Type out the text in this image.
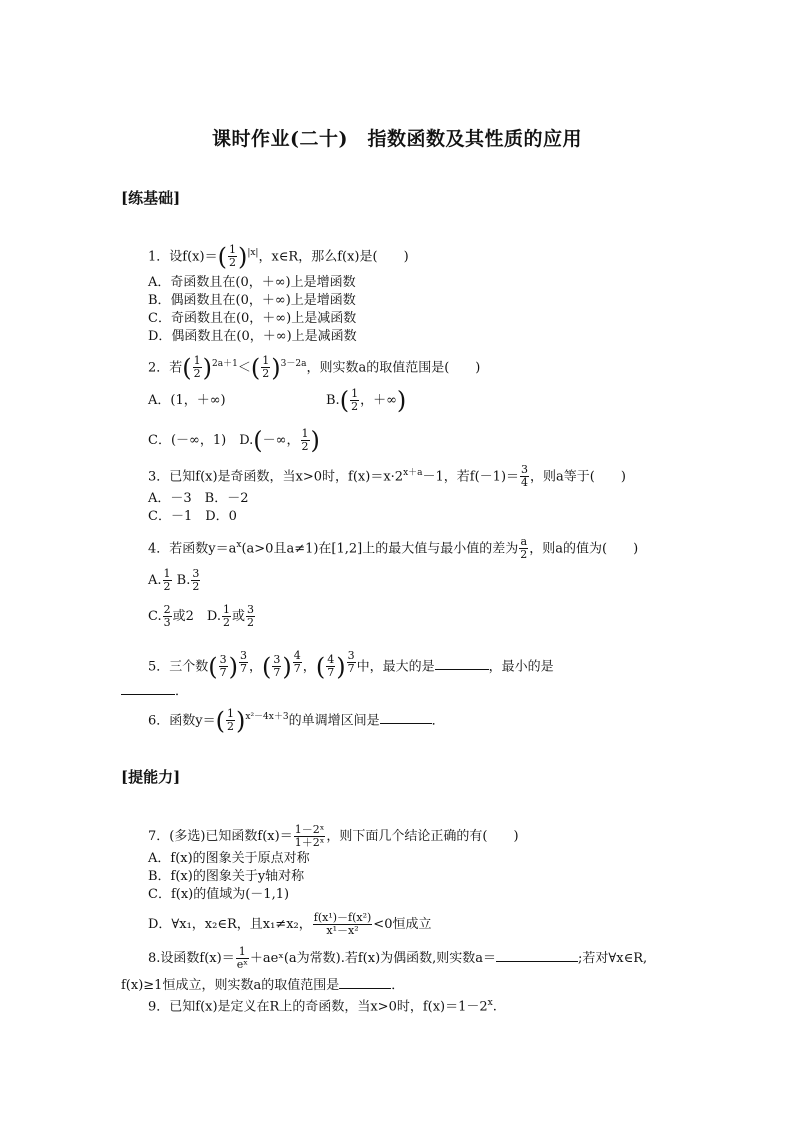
课时作业(二十)　指数函数及其性质的应用
[练基础]
1．设$f(x)=( \frac{1}{2} )^{|x|}$，x∈R，那么f(x)是(　　)
A．奇函数且在(0，＋∞)上是增函数
B．偶函数且在(0，＋∞)上是增函数
C．奇函数且在(0，＋∞)上是减函数
D．偶函数且在(0，＋∞)上是减函数
2．若( $\frac{1}{2} )^{2a+1}<( \frac{1}{2} )^{3-2a}$，则实数a的取值范围是(　　)
A．(1，＋∞)	$B.( \frac{1}{2}$ ，＋∞)
C．(－∞，1)　D.(－∞， $\frac{1}{2}$ )
3．已知f(x)是奇函数，当x>0时，$f(x)=x\cdot 2^{x+a}-1$，若$f(-1)= \frac{3}{4}$ ，则a等于(　　)
A．－3　B．－2
C．－1　D．0
4．若函数$y=a^x(a>0$且a≠1)在[1,2]上的最大值与最小值的差为 $\frac{a}{2}$ ，则a的值为(　　)
A. $\frac{1}{2} B$. $\frac{3}{2}$
C. $\frac{2}{3}$ 或2　D. $\frac{1}{2}$ 或 $\frac{3}{2}$
5．三个数( $\frac{3}{7}$ ) $^{\frac{3}{7}}$ ，( $\frac{3}{7}$ ) $^{\frac{4}{7}}$ ，( $\frac{4}{7}$ ) $^{\frac{3}{7}}$ 中，最大的是	，最小的是
．
6．函数$y=( \frac{1}{2} )^{x^2-4x+3}$的单调增区间是	．
[提能力]
7．(多选)已知函数$f(x)= \frac{\text{1－2ˣ}}{\text{1＋2ˣ}}$ ，则下面几个结论正确的有(　　)
A．f(x)的图象关于原点对称
B．f(x)的图象关于y轴对称
C．f(x)的值域为(－1,1)
D．∀x₁，x₂∈R，且x₁≠x₂， $\frac{\text{f(x¹)－f(x²)}}{\text{x¹－x²}} <0$恒成立
8.设函数$f(x)= \frac{1}{\text{eˣ}}$ ＋aeˣ(a为常数).若f(x)为偶函数,则实数a＝	;若对∀x∈R,
f(x)≥1恒成立，则实数a的取值范围是	．
9．已知f(x)是定义在R上的奇函数，当x>0时，$f(x)=1-2^x$.
